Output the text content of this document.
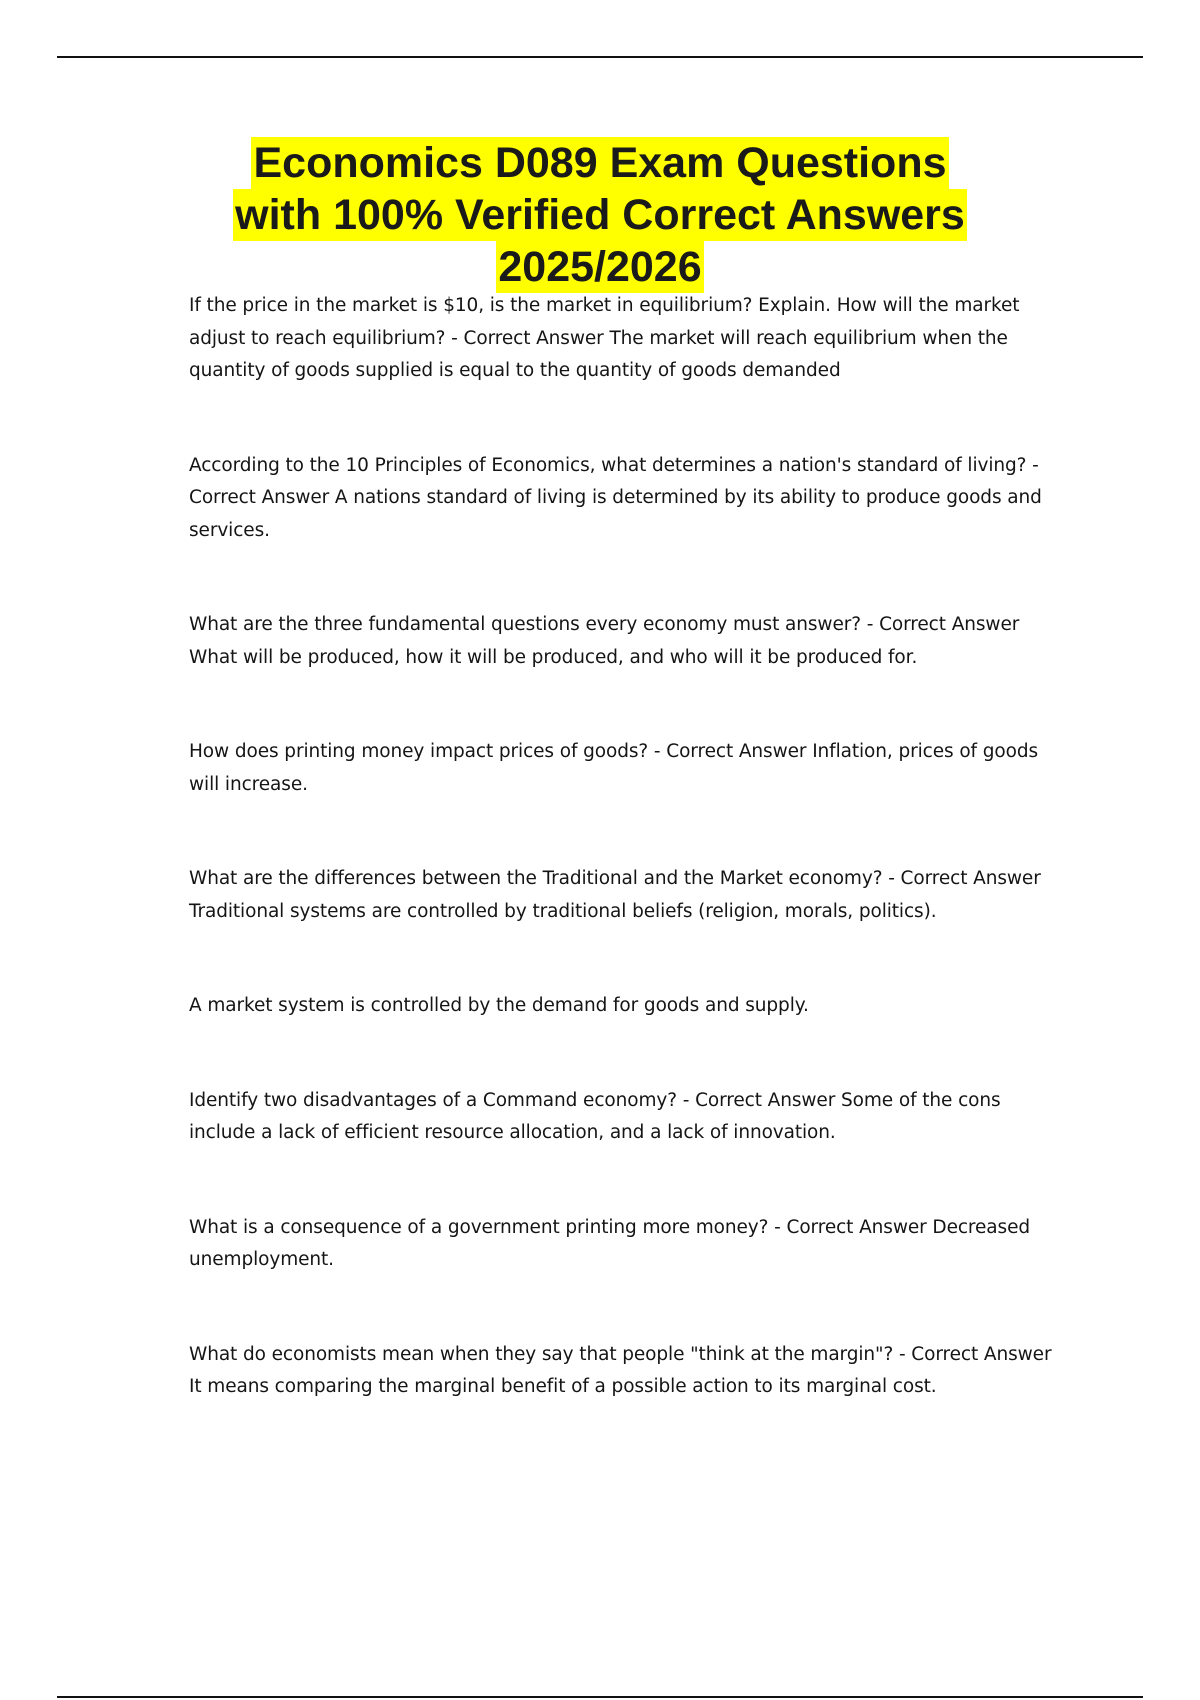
Economics D089 Exam Questions
with 100% Verified Correct Answers
2025/2026

If the price in the market is $10, is the market in equilibrium? Explain. How will the market adjust to reach equilibrium? - Correct Answer The market will reach equilibrium when the quantity of goods supplied is equal to the quantity of goods demanded

According to the 10 Principles of Economics, what determines a nation's standard of living? - Correct Answer A nations standard of living is determined by its ability to produce goods and services.

What are the three fundamental questions every economy must answer? - Correct Answer What will be produced, how it will be produced, and who will it be produced for.

How does printing money impact prices of goods? - Correct Answer Inflation, prices of goods will increase.

What are the differences between the Traditional and the Market economy? - Correct Answer Traditional systems are controlled by traditional beliefs (religion, morals, politics).

A market system is controlled by the demand for goods and supply.

Identify two disadvantages of a Command economy? - Correct Answer Some of the cons include a lack of efficient resource allocation, and a lack of innovation.

What is a consequence of a government printing more money? - Correct Answer Decreased unemployment.

What do economists mean when they say that people "think at the margin"? - Correct Answer It means comparing the marginal benefit of a possible action to its marginal cost.
